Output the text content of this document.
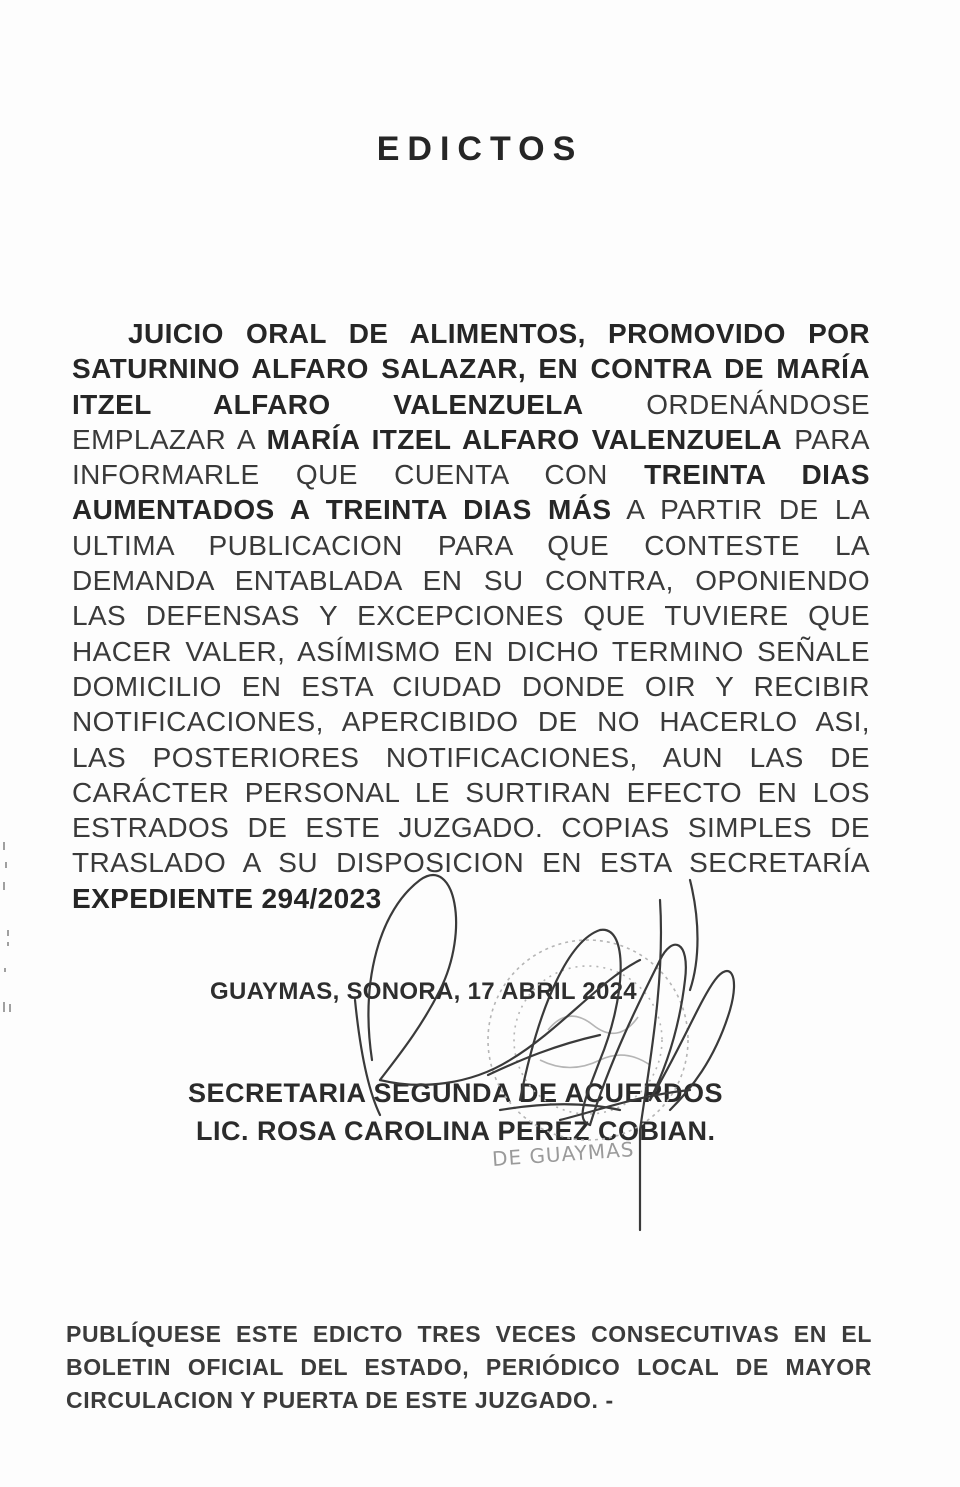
EDICTOS
JUICIO ORAL DE ALIMENTOS, PROMOVIDO POR
SATURNINO ALFARO SALAZAR, EN CONTRA DE MARÍA
ITZEL ALFARO VALENZUELA ORDENÁNDOSE
EMPLAZAR A MARÍA ITZEL ALFARO VALENZUELA PARA
INFORMARLE QUE CUENTA CON TREINTA DIAS
AUMENTADOS A TREINTA DIAS MÁS A PARTIR DE LA
ULTIMA PUBLICACION PARA QUE CONTESTE LA
DEMANDA ENTABLADA EN SU CONTRA, OPONIENDO
LAS DEFENSAS Y EXCEPCIONES QUE TUVIERE QUE
HACER VALER, ASÍMISMO EN DICHO TERMINO SEÑALE
DOMICILIO EN ESTA CIUDAD DONDE OIR Y RECIBIR
NOTIFICACIONES, APERCIBIDO DE NO HACERLO ASI,
LAS POSTERIORES NOTIFICACIONES, AUN LAS DE
CARÁCTER PERSONAL LE SURTIRAN EFECTO EN LOS
ESTRADOS DE ESTE JUZGADO. COPIAS SIMPLES DE
TRASLADO A SU DISPOSICION EN ESTA SECRETARÍA
EXPEDIENTE 294/2023
GUAYMAS, SONORA, 17 ABRIL 2024
SECRETARIA SEGUNDA DE ACUERDOS
LIC. ROSA CAROLINA PEREZ COBIAN.
DE GUAYMAS
PUBLÍQUESE ESTE EDICTO TRES VECES CONSECUTIVAS EN EL
BOLETIN OFICIAL DEL ESTADO, PERIÓDICO LOCAL DE MAYOR
CIRCULACION Y PUERTA DE ESTE JUZGADO. -
